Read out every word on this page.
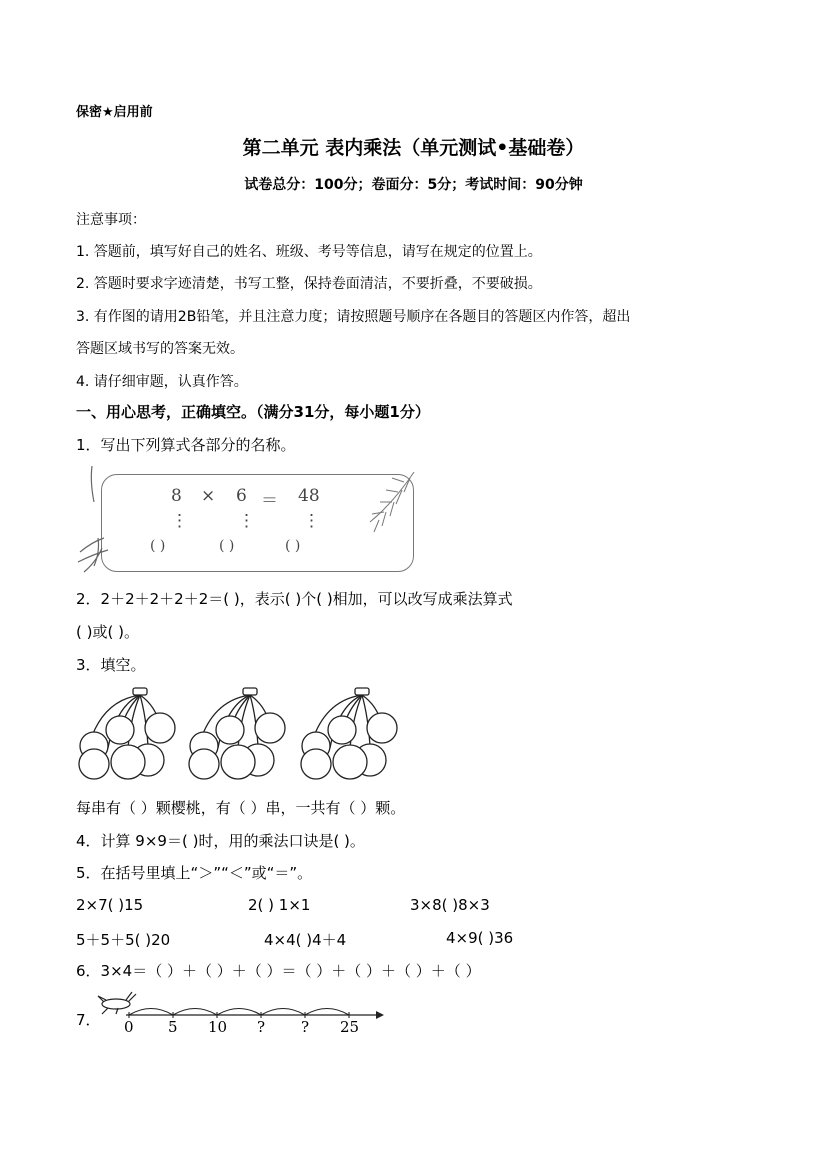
保密★启用前
第二单元 表内乘法（单元测试•基础卷）
试卷总分：100分；卷面分：5分；考试时间：90分钟
注意事项：
1. 答题前，填写好自己的姓名、班级、考号等信息，请写在规定的位置上。
2. 答题时要求字迹清楚，书写工整，保持卷面清洁，不要折叠，不要破损。
3. 有作图的请用2B铅笔，并且注意力度；请按照题号顺序在各题目的答题区内作答，超出
答题区域书写的答案无效。
4. 请仔细审题，认真作答。
一、用心思考，正确填空。（满分31分，每小题1分）
1．写出下列算式各部分的名称。
8 × 6 ＝ 48
⋮	⋮	⋮
( )	( )	( )
2．2＋2＋2＋2＋2＝( )，表示( )个( )相加，可以改写成乘法算式
( )或( )。
3．填空。
每串有（ ）颗樱桃，有（ ）串，一共有（ ）颗。
4．计算 9×9＝( )时，用的乘法口诀是( )。
5．在括号里填上“＞”“＜”或“＝”。
2×7( )15	2( ) 1×1	3×8( )8×3
5＋5＋5( )20	4×4( )4＋4	4×9( )36
6．3×4＝（ ）＋（ ）＋（ ）＝（ ）＋（ ）＋（ ）＋（ ）
7． 0 5 10 ? ? 25
